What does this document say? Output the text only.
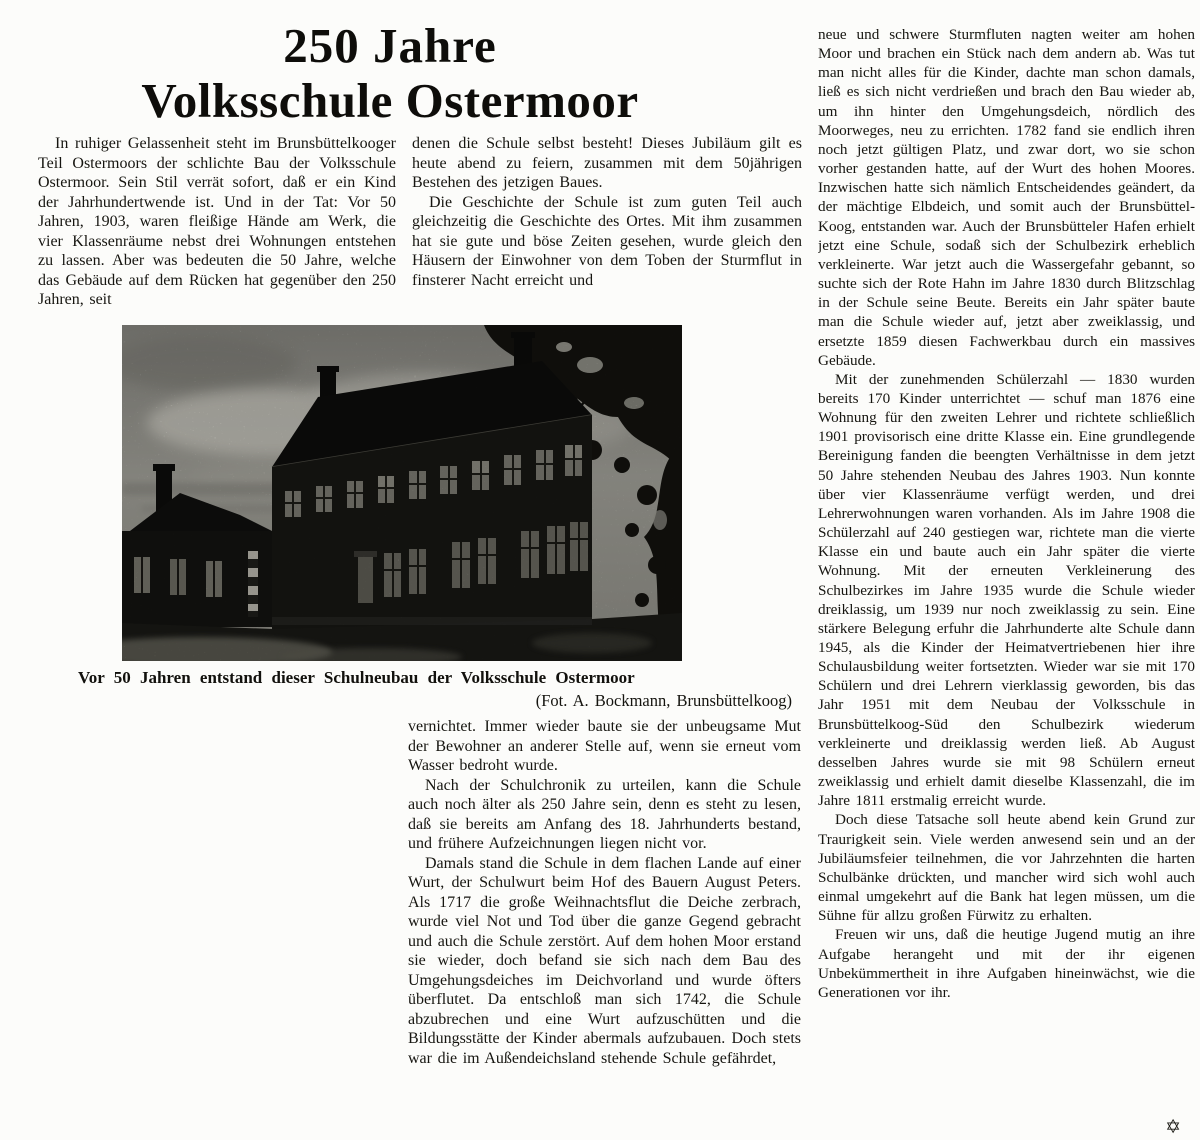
250 Jahre
Volksschule Ostermoor

In ruhiger Gelassenheit steht im Brunsbüttelkooger Teil Ostermoors der schlichte Bau der Volksschule Ostermoor. Sein Stil verrät sofort, daß er ein Kind der Jahrhundertwende ist. Und in der Tat: Vor 50 Jahren, 1903, waren fleißige Hände am Werk, die vier Klassenräume nebst drei Wohnungen entstehen zu lassen. Aber was bedeuten die 50 Jahre, welche das Gebäude auf dem Rücken hat gegenüber den 250 Jahren, seit

denen die Schule selbst besteht! Dieses Jubiläum gilt es heute abend zu feiern, zusammen mit dem 50jährigen Bestehen des jetzigen Baues.

Die Geschichte der Schule ist zum guten Teil auch gleichzeitig die Geschichte des Ortes. Mit ihm zusammen hat sie gute und böse Zeiten gesehen, wurde gleich den Häusern der Einwohner von dem Toben der Sturmflut in finsterer Nacht erreicht und

Vor 50 Jahren entstand dieser Schulneubau der Volksschule Ostermoor
(Fot. A. Bockmann, Brunsbüttelkoog)

vernichtet. Immer wieder baute sie der unbeugsame Mut der Bewohner an anderer Stelle auf, wenn sie erneut vom Wasser bedroht wurde.

Nach der Schulchronik zu urteilen, kann die Schule auch noch älter als 250 Jahre sein, denn es steht zu lesen, daß sie bereits am Anfang des 18. Jahrhunderts bestand, und frühere Aufzeichnungen liegen nicht vor.

Damals stand die Schule in dem flachen Lande auf einer Wurt, der Schulwurt beim Hof des Bauern August Peters. Als 1717 die große Weihnachtsflut die Deiche zerbrach, wurde viel Not und Tod über die ganze Gegend gebracht und auch die Schule zerstört. Auf dem hohen Moor erstand sie wieder, doch befand sie sich nach dem Bau des Umgehungsdeiches im Deichvorland und wurde öfters überflutet. Da entschloß man sich 1742, die Schule abzubrechen und eine Wurt aufzuschütten und die Bildungsstätte der Kinder abermals aufzubauen. Doch stets war die im Außendeichsland stehende Schule gefährdet,

neue und schwere Sturmfluten nagten weiter am hohen Moor und brachen ein Stück nach dem andern ab. Was tut man nicht alles für die Kinder, dachte man schon damals, ließ es sich nicht verdrießen und brach den Bau wieder ab, um ihn hinter den Umgehungsdeich, nördlich des Moorweges, neu zu errichten. 1782 fand sie endlich ihren noch jetzt gültigen Platz, und zwar dort, wo sie schon vorher gestanden hatte, auf der Wurt des hohen Moores. Inzwischen hatte sich nämlich Entscheidendes geändert, da der mächtige Elbdeich, und somit auch der Brunsbüttel-Koog, entstanden war. Auch der Brunsbütteler Hafen erhielt jetzt eine Schule, sodaß sich der Schulbezirk erheblich verkleinerte. War jetzt auch die Wassergefahr gebannt, so suchte sich der Rote Hahn im Jahre 1830 durch Blitzschlag in der Schule seine Beute. Bereits ein Jahr später baute man die Schule wieder auf, jetzt aber zweiklassig, und ersetzte 1859 diesen Fachwerkbau durch ein massives Gebäude.

Mit der zunehmenden Schülerzahl — 1830 wurden bereits 170 Kinder unterrichtet — schuf man 1876 eine Wohnung für den zweiten Lehrer und richtete schließlich 1901 provisorisch eine dritte Klasse ein. Eine grundlegende Bereinigung fanden die beengten Verhältnisse in dem jetzt 50 Jahre stehenden Neubau des Jahres 1903. Nun konnte über vier Klassenräume verfügt werden, und drei Lehrerwohnungen waren vorhanden. Als im Jahre 1908 die Schülerzahl auf 240 gestiegen war, richtete man die vierte Klasse ein und baute auch ein Jahr später die vierte Wohnung. Mit der erneuten Verkleinerung des Schulbezirkes im Jahre 1935 wurde die Schule wieder dreiklassig, um 1939 nur noch zweiklassig zu sein. Eine stärkere Belegung erfuhr die Jahrhunderte alte Schule dann 1945, als die Kinder der Heimatvertriebenen hier ihre Schulausbildung weiter fortsetzten. Wieder war sie mit 170 Schülern und drei Lehrern vierklassig geworden, bis das Jahr 1951 mit dem Neubau der Volksschule in Brunsbüttelkoog-Süd den Schulbezirk wiederum verkleinerte und dreiklassig werden ließ. Ab August desselben Jahres wurde sie mit 98 Schülern erneut zweiklassig und erhielt damit dieselbe Klassenzahl, die im Jahre 1811 erstmalig erreicht wurde.

Doch diese Tatsache soll heute abend kein Grund zur Traurigkeit sein. Viele werden anwesend sein und an der Jubiläumsfeier teilnehmen, die vor Jahrzehnten die harten Schulbänke drückten, und mancher wird sich wohl auch einmal umgekehrt auf die Bank hat legen müssen, um die Sühne für allzu großen Fürwitz zu erhalten.

Freuen wir uns, daß die heutige Jugend mutig an ihre Aufgabe herangeht und mit der ihr eigenen Unbekümmertheit in ihre Aufgaben hineinwächst, wie die Generationen vor ihr.

✡
